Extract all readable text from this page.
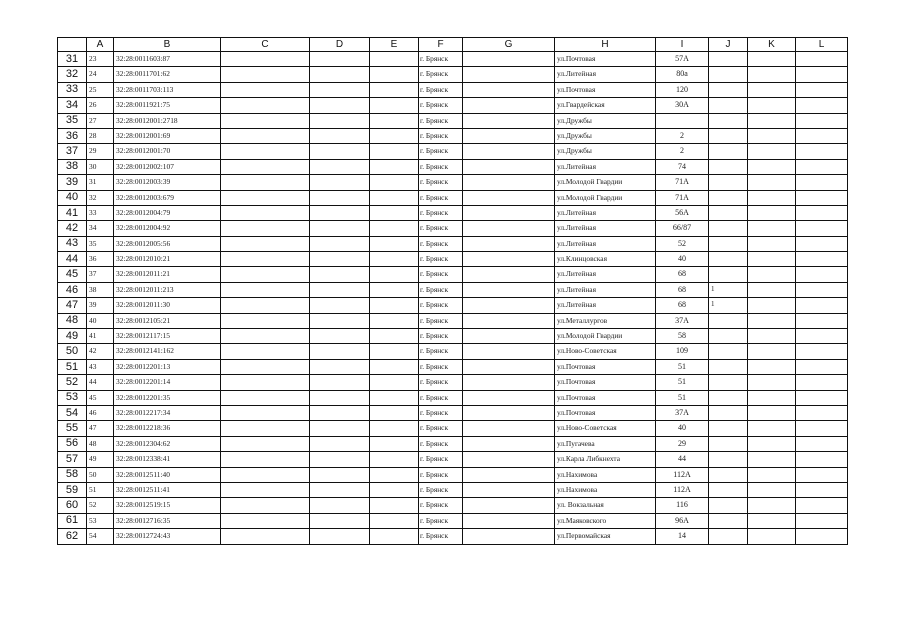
	A	B	C	D	E	F	G	H	I	J	K	L
31	23	32:28:0011603:87				г. Брянск		ул.Почтовая	57А			
32	24	32:28:0011701:62				г. Брянск		ул.Литейная	80а			
33	25	32:28:0011703:113				г. Брянск		ул.Почтовая	120			
34	26	32:28:0011921:75				г. Брянск		ул.Гвардейская	30А			
35	27	32:28:0012001:2718				г. Брянск		ул.Дружбы				
36	28	32:28:0012001:69				г. Брянск		ул.Дружбы	2			
37	29	32:28:0012001:70				г. Брянск		ул.Дружбы	2			
38	30	32:28:0012002:107				г. Брянск		ул.Литейная	74			
39	31	32:28:0012003:39				г. Брянск		ул.Молодой Гвардии	71А			
40	32	32:28:0012003:679				г. Брянск		ул.Молодой Гвардии	71А			
41	33	32:28:0012004:79				г. Брянск		ул.Литейная	56А			
42	34	32:28:0012004:92				г. Брянск		ул.Литейная	66/87			
43	35	32:28:0012005:56				г. Брянск		ул.Литейная	52			
44	36	32:28:0012010:21				г. Брянск		ул.Клинцовская	40			
45	37	32:28:0012011:21				г. Брянск		ул.Литейная	68			
46	38	32:28:0012011:213				г. Брянск		ул.Литейная	68	1		
47	39	32:28:0012011:30				г. Брянск		ул.Литейная	68	1		
48	40	32:28:0012105:21				г. Брянск		ул.Металлургов	37А			
49	41	32:28:0012117:15				г. Брянск		ул.Молодой Гвардии	58			
50	42	32:28:0012141:162				г. Брянск		ул.Ново-Советская	109			
51	43	32:28:0012201:13				г. Брянск		ул.Почтовая	51			
52	44	32:28:0012201:14				г. Брянск		ул.Почтовая	51			
53	45	32:28:0012201:35				г. Брянск		ул.Почтовая	51			
54	46	32:28:0012217:34				г. Брянск		ул.Почтовая	37А			
55	47	32:28:0012218:36				г. Брянск		ул.Ново-Советская	40			
56	48	32:28:0012304:62				г. Брянск		ул.Пугачева	29			
57	49	32:28:0012338:41				г. Брянск		ул.Карла Либкнехта	44			
58	50	32:28:0012511:40				г. Брянск		ул.Нахимова	112А			
59	51	32:28:0012511:41				г. Брянск		ул.Нахимова	112А			
60	52	32:28:0012519:15				г. Брянск		ул. Вокзальная	116			
61	53	32:28:0012716:35				г. Брянск		ул.Маяковского	96А			
62	54	32:28:0012724:43				г. Брянск		ул.Первомайская	14			
